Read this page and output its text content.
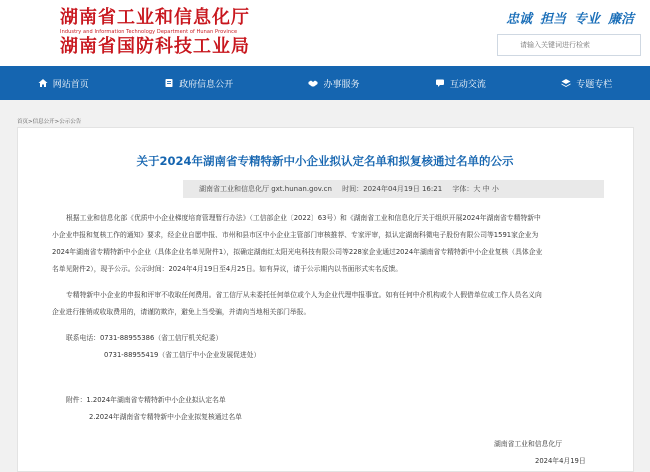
湖南省工业和信息化厅
Industry and Information Technology Department of Hunan Province
湖南省国防科技工业局
忠诚 担当 专业 廉洁
请输入关键词进行检索
网站首页	政府信息公开	办事服务	互动交流	专题专栏
首页>信息公开>公示公告
关于2024年湖南省专精特新中小企业拟认定名单和拟复核通过名单的公示
湖南省工业和信息化厅 gxt.hunan.gov.cn 时间：2024年04月19日 16:21 字体：大 中 小
根据工业和信息化部《优质中小企业梯度培育管理暂行办法》（工信部企业〔2022〕63号）和《湖南省工业和信息化厅关于组织开展2024年湖南省专精特新中
小企业申报和复核工作的通知》要求，经企业自愿申报、市州和县市区中小企业主管部门审核推荐、专家评审，拟认定湖南科微电子股份有限公司等1591家企业为
2024年湖南省专精特新中小企业（具体企业名单见附件1），拟确定湖南红太阳光电科技有限公司等228家企业通过2024年湖南省专精特新中小企业复核（具体企业
名单见附件2），现予公示。公示时间：2024年4月19日至4月25日。如有异议，请于公示期内以书面形式实名反馈。
专精特新中小企业的申报和评审不收取任何费用。省工信厅从未委托任何单位或个人为企业代理申报事宜。如有任何中介机构或个人假借单位或工作人员名义向
企业进行推销或收取费用的，请谨防欺诈，避免上当受骗，并请向当地相关部门举报。
联系电话：0731-88955386（省工信厅机关纪委）
0731-88955419（省工信厅中小企业发展促进处）
附件：1.2024年湖南省专精特新中小企业拟认定名单
2.2024年湖南省专精特新中小企业拟复核通过名单
湖南省工业和信息化厅
2024年4月19日
